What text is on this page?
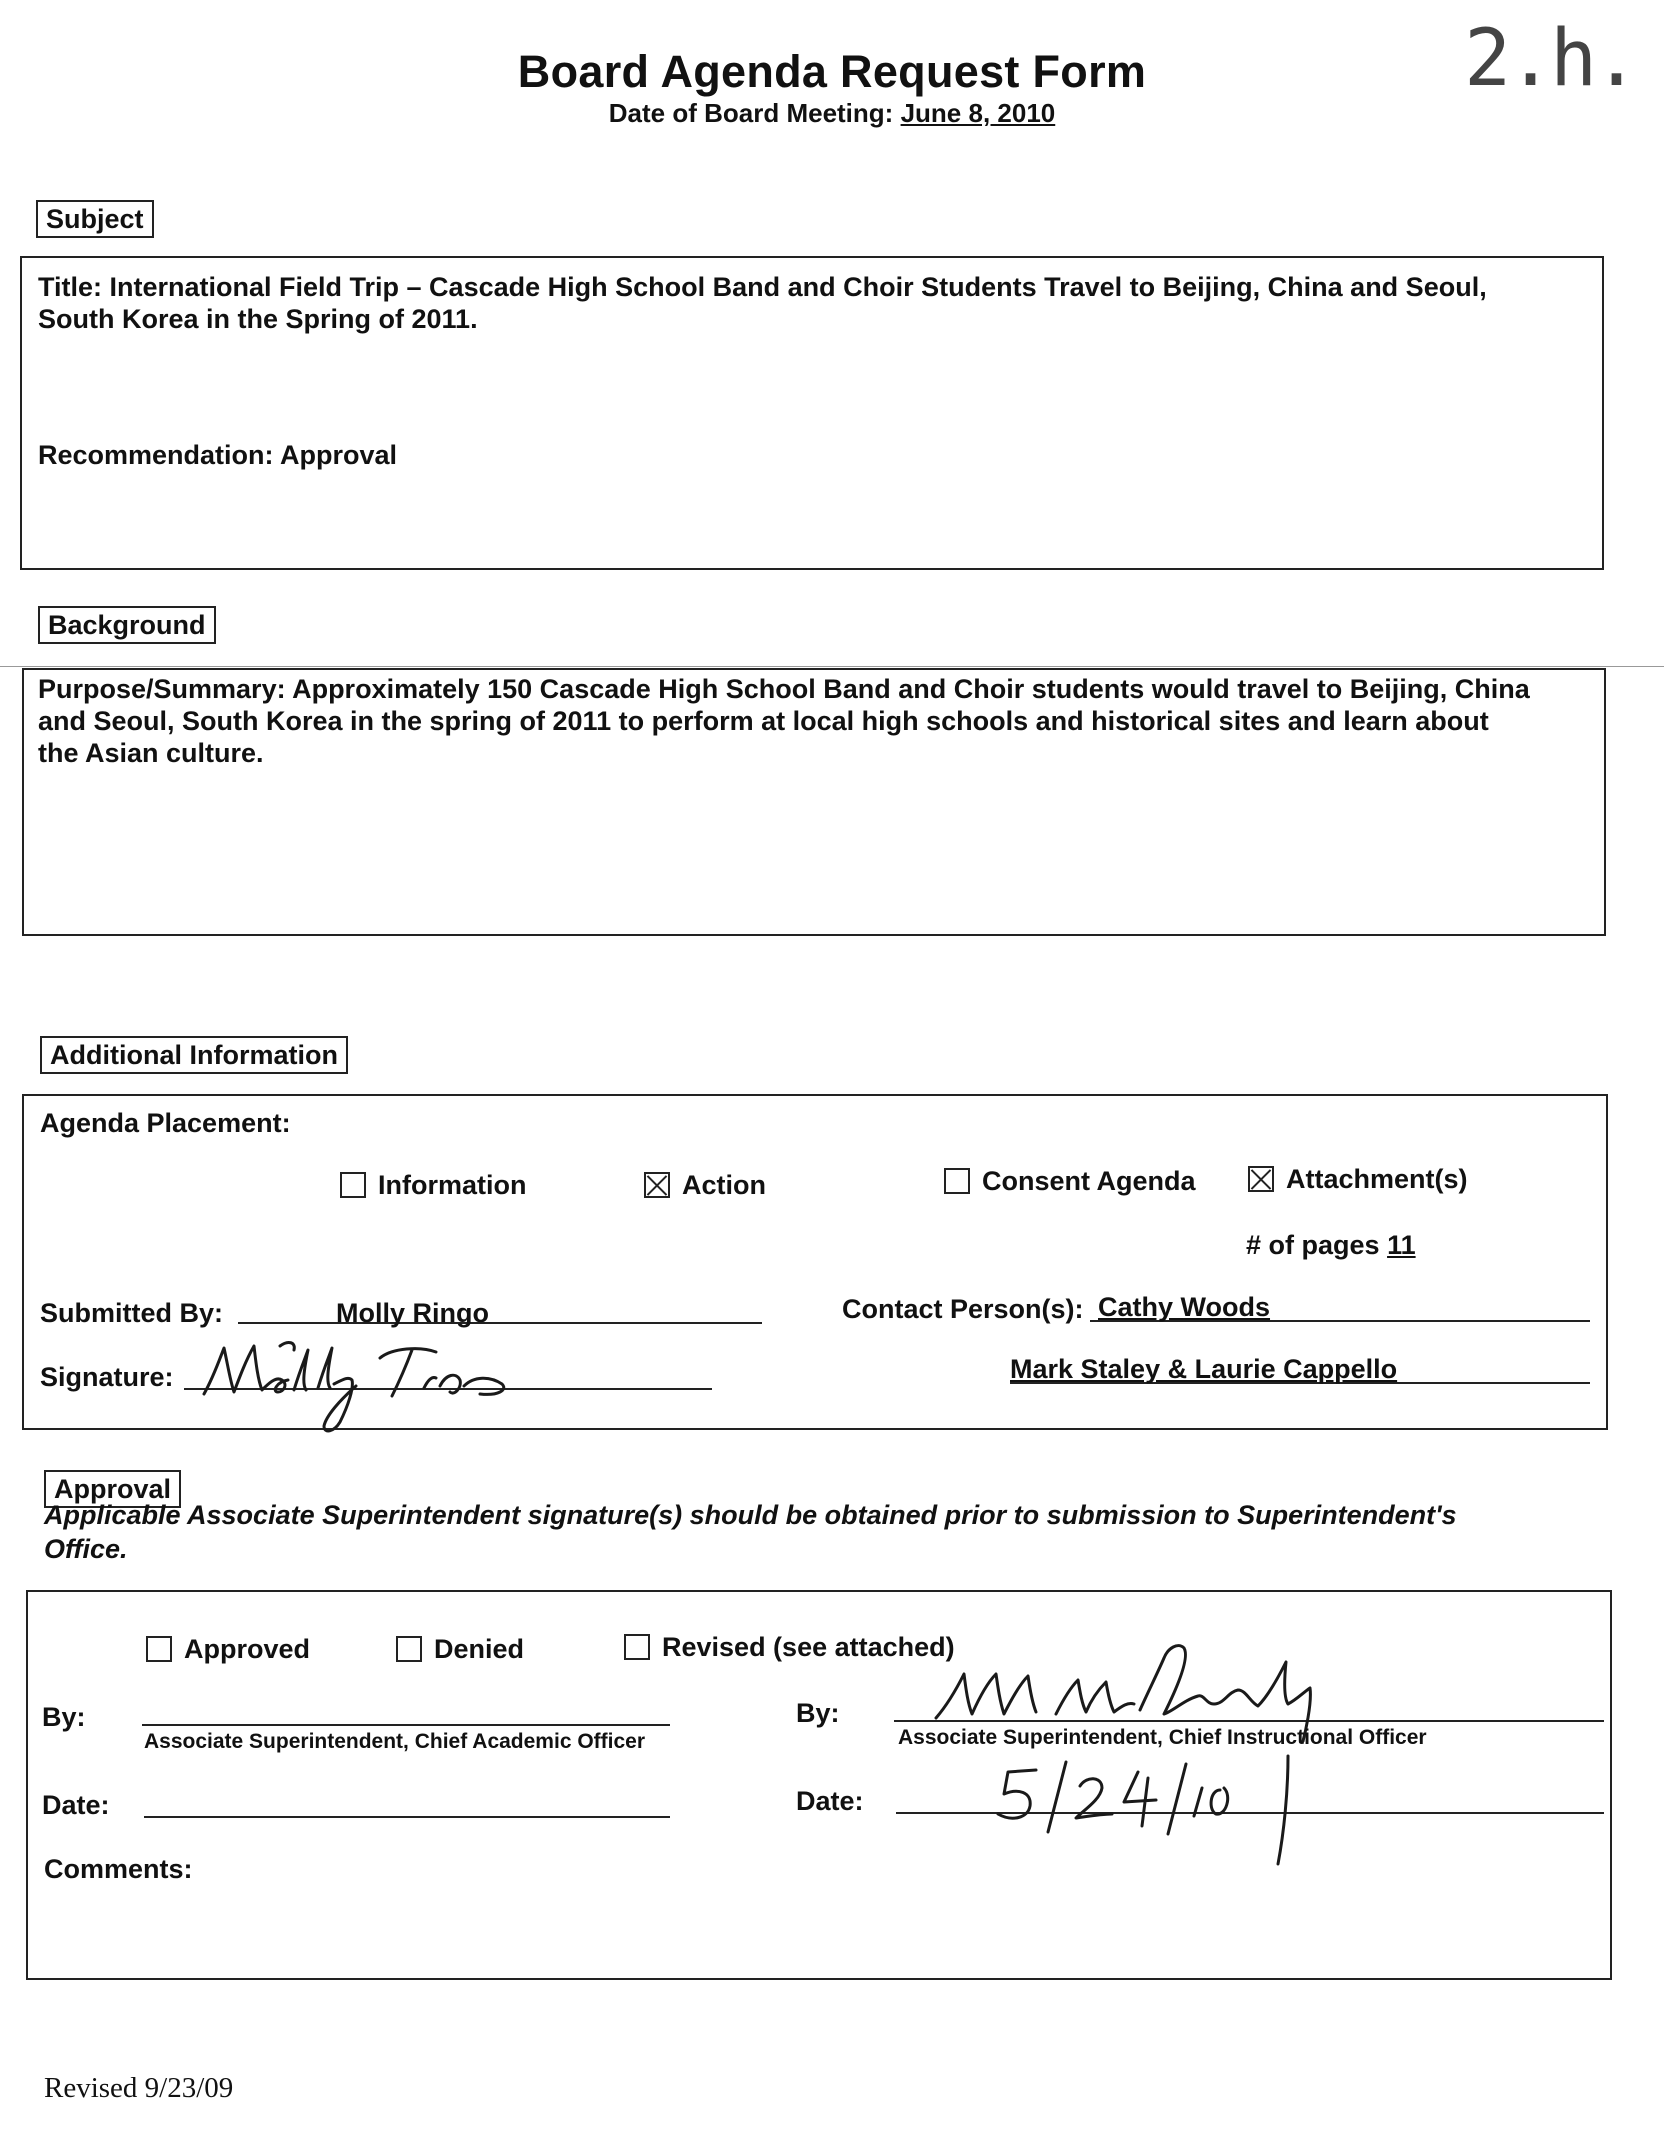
2.h.
Board Agenda Request Form
Date of Board Meeting: June 8, 2010
Subject
Title: International Field Trip – Cascade High School Band and Choir Students Travel to Beijing, China and Seoul,
South Korea in the Spring of 2011.
Recommendation: Approval
Background
Purpose/Summary: Approximately 150 Cascade High School Band and Choir students would travel to Beijing, China
and Seoul, South Korea in the spring of 2011 to perform at local high schools and historical sites and learn about
the Asian culture.
Additional Information
Agenda Placement:
Information	Action	Consent Agenda	Attachment(s)
# of pages 11
Submitted By:	Molly Ringo
Signature:
Contact Person(s): Cathy Woods
Mark Staley & Laurie Cappello
Approval
Applicable Associate Superintendent signature(s) should be obtained prior to submission to Superintendent's
Office.
Approved	Denied	Revised (see attached)
By:
Associate Superintendent, Chief Academic Officer
Date:
By:
Associate Superintendent, Chief Instructional Officer
Date:
Comments:
Revised 9/23/09
